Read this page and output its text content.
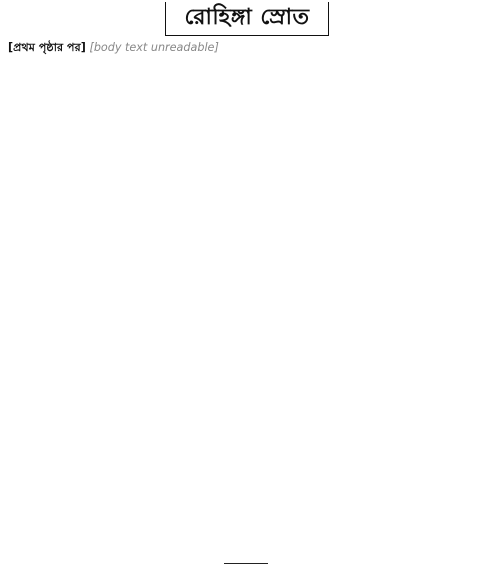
রোহিঙ্গা স্রোত

[প্রথম পৃষ্ঠার পর] [body text unreadable]
